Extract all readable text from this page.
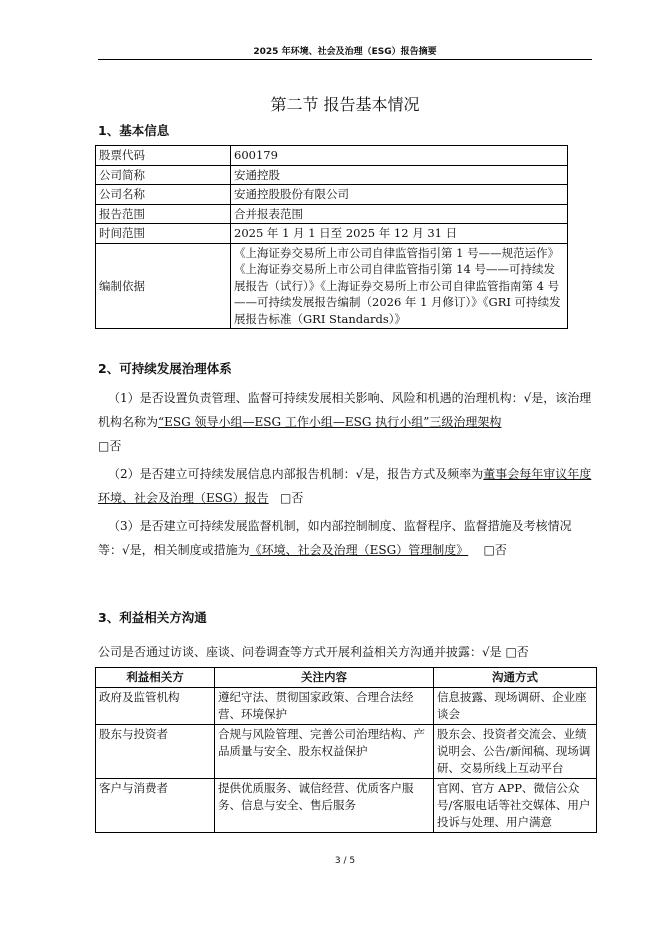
2025 年环境、社会及治理（ESG）报告摘要
第二节 报告基本情况
1、基本信息
股票代码	600179
公司简称	安通控股
公司名称	安通控股股份有限公司
报告范围	合并报表范围
时间范围	2025 年 1 月 1 日至 2025 年 12 月 31 日
编制依据	《上海证券交易所上市公司自律监管指引第 1 号——规范运作》《上海证券交易所上市公司自律监管指引第 14 号——可持续发展报告（试行）》《上海证券交易所上市公司自律监管指南第 4 号——可持续发展报告编制（2026 年 1 月修订）》《GRI 可持续发展报告标准（GRI Standards）》
2、可持续发展治理体系
（1）是否设置负责管理、监督可持续发展相关影响、风险和机遇的治理机构：√是，该治理机构名称为“ESG 领导小组—ESG 工作小组—ESG 执行小组”三级治理架构
□否
（2）是否建立可持续发展信息内部报告机制：√是，报告方式及频率为董事会每年审议年度环境、社会及治理（ESG）报告 □否
（3）是否建立可持续发展监督机制，如内部控制制度、监督程序、监督措施及考核情况等：√是，相关制度或措施为《环境、社会及治理（ESG）管理制度》 □否
3、利益相关方沟通
公司是否通过访谈、座谈、问卷调查等方式开展利益相关方沟通并披露：√是 □否
利益相关方	关注内容	沟通方式
政府及监管机构	遵纪守法、贯彻国家政策、合理合法经营、环境保护	信息披露、现场调研、企业座谈会
股东与投资者	合规与风险管理、完善公司治理结构、产品质量与安全、股东权益保护	股东会、投资者交流会、业绩说明会、公告/新闻稿、现场调研、交易所线上互动平台
客户与消费者	提供优质服务、诚信经营、优质客户服务、信息与安全、售后服务	官网、官方 APP、微信公众号/客服电话等社交媒体、用户投诉与处理、用户满意
3 / 5
